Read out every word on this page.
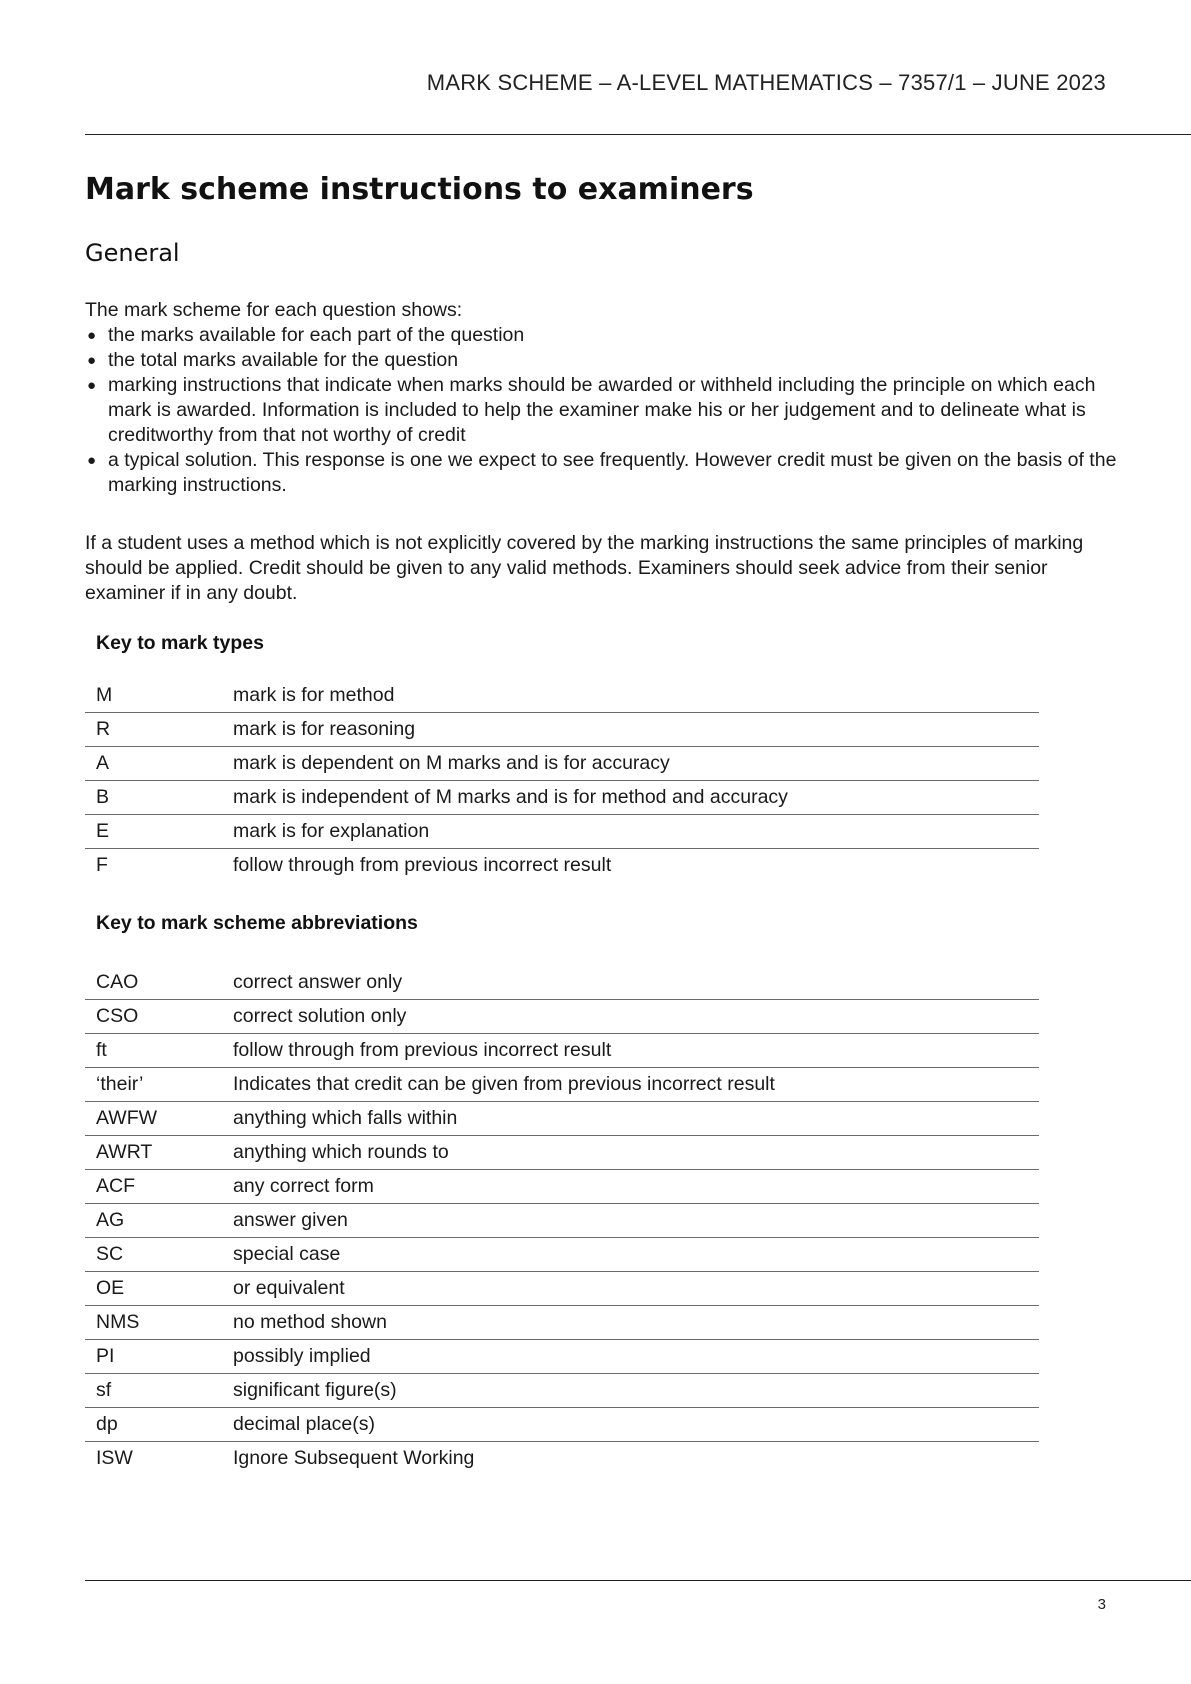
MARK SCHEME – A-LEVEL MATHEMATICS – 7357/1 – JUNE 2023
Mark scheme instructions to examiners
General
The mark scheme for each question shows:
● the marks available for each part of the question
● the total marks available for the question
● marking instructions that indicate when marks should be awarded or withheld including the principle on which each mark is awarded. Information is included to help the examiner make his or her judgement and to delineate what is creditworthy from that not worthy of credit
● a typical solution. This response is one we expect to see frequently. However credit must be given on the basis of the marking instructions.
If a student uses a method which is not explicitly covered by the marking instructions the same principles of marking should be applied. Credit should be given to any valid methods. Examiners should seek advice from their senior examiner if in any doubt.
Key to mark types
M	mark is for method
R	mark is for reasoning
A	mark is dependent on M marks and is for accuracy
B	mark is independent of M marks and is for method and accuracy
E	mark is for explanation
F	follow through from previous incorrect result
Key to mark scheme abbreviations
CAO	correct answer only
CSO	correct solution only
ft	follow through from previous incorrect result
‘their’	Indicates that credit can be given from previous incorrect result
AWFW	anything which falls within
AWRT	anything which rounds to
ACF	any correct form
AG	answer given
SC	special case
OE	or equivalent
NMS	no method shown
PI	possibly implied
sf	significant figure(s)
dp	decimal place(s)
ISW	Ignore Subsequent Working
3
